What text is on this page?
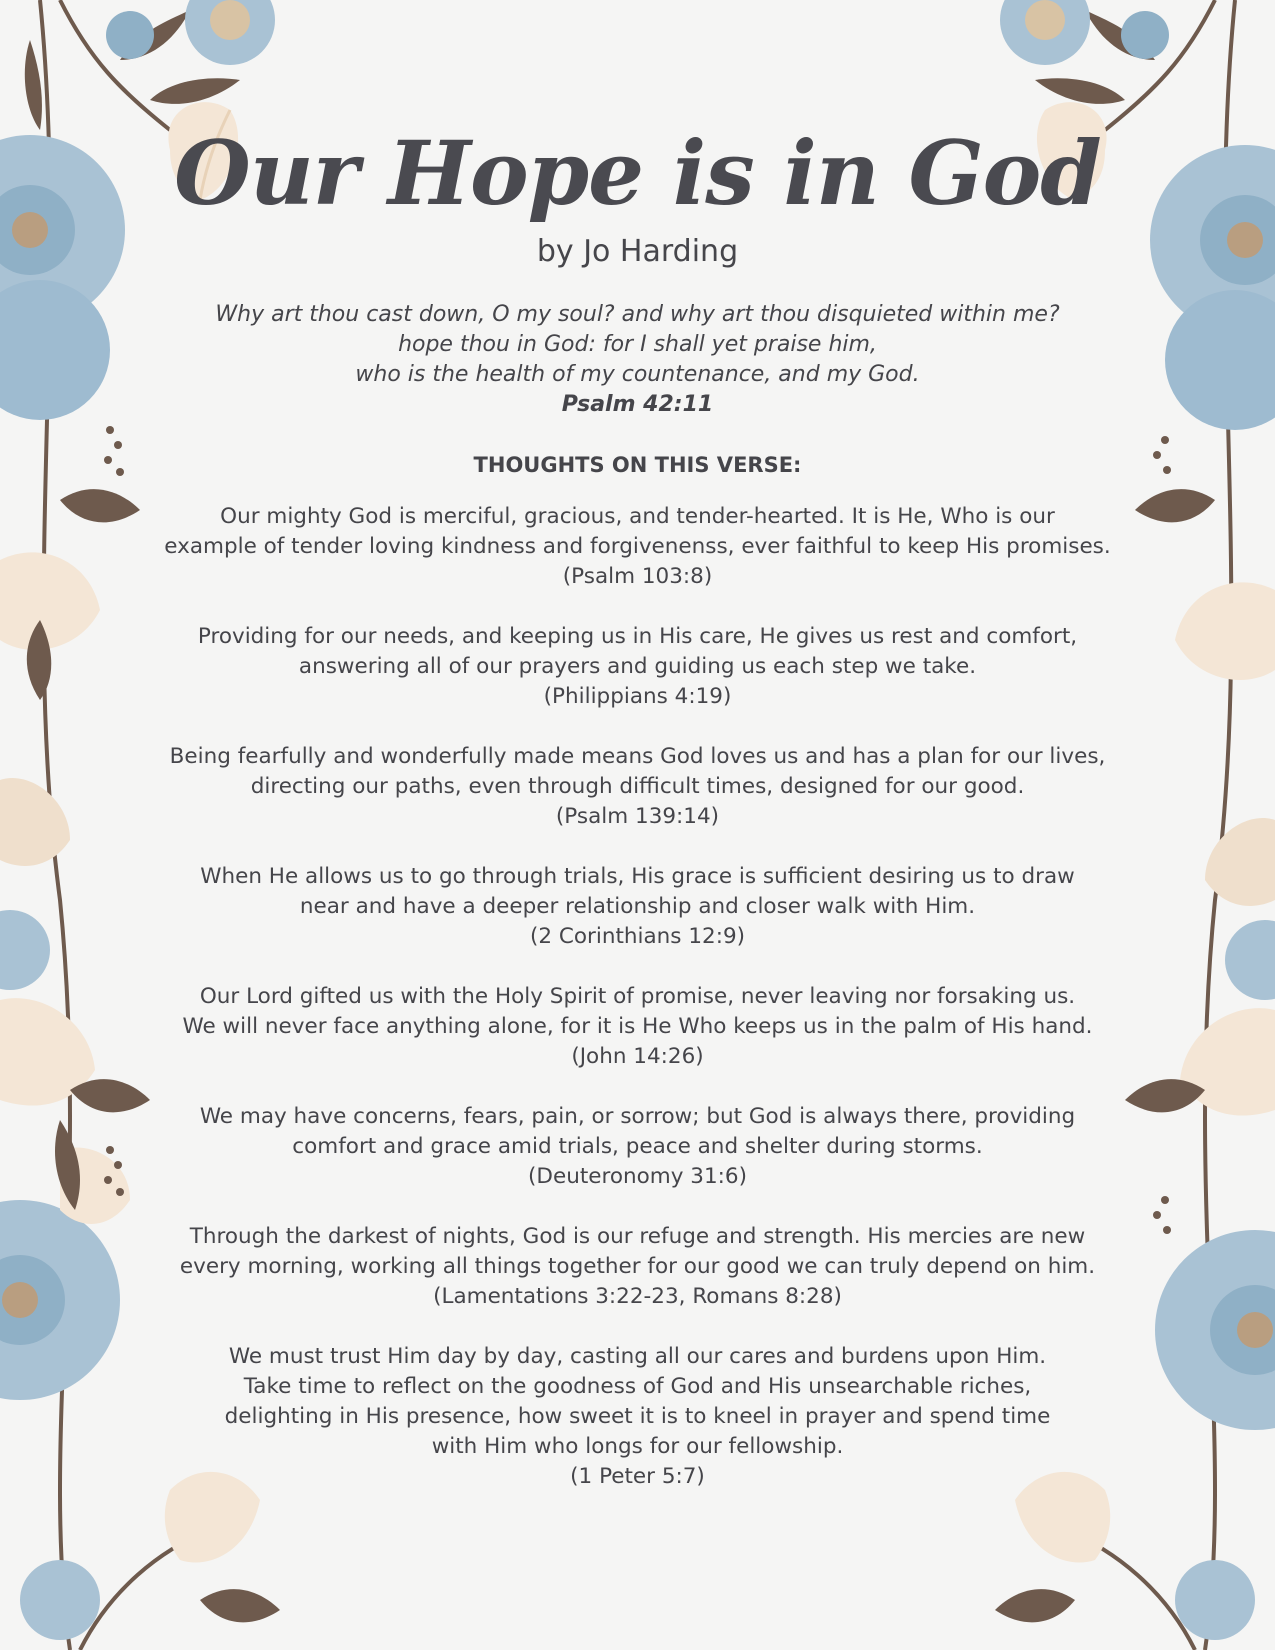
Our Hope is in God

by Jo Harding

Why art thou cast down, O my soul? and why art thou disquieted within me?
hope thou in God: for I shall yet praise him,
who is the health of my countenance, and my God.
Psalm 42:11
THOUGHTS ON THIS VERSE:
Our mighty God is merciful, gracious, and tender-hearted. It is He, Who is our
example of tender loving kindness and forgivenenss, ever faithful to keep His promises.
(Psalm 103:8)
Providing for our needs, and keeping us in His care, He gives us rest and comfort,
answering all of our prayers and guiding us each step we take.
(Philippians 4:19)
Being fearfully and wonderfully made means God loves us and has a plan for our lives,
directing our paths, even through difficult times, designed for our good.
(Psalm 139:14)
When He allows us to go through trials, His grace is sufficient desiring us to draw
near and have a deeper relationship and closer walk with Him.
(2 Corinthians 12:9)
Our Lord gifted us with the Holy Spirit of promise, never leaving nor forsaking us.
We will never face anything alone, for it is He Who keeps us in the palm of His hand.
(John 14:26)
We may have concerns, fears, pain, or sorrow; but God is always there, providing
comfort and grace amid trials, peace and shelter during storms.
(Deuteronomy 31:6)
Through the darkest of nights, God is our refuge and strength. His mercies are new
every morning, working all things together for our good we can truly depend on him.
(Lamentations 3:22-23, Romans 8:28)
We must trust Him day by day, casting all our cares and burdens upon Him.
Take time to reflect on the goodness of God and His unsearchable riches,
delighting in His presence, how sweet it is to kneel in prayer and spend time
with Him who longs for our fellowship.
(1 Peter 5:7)
